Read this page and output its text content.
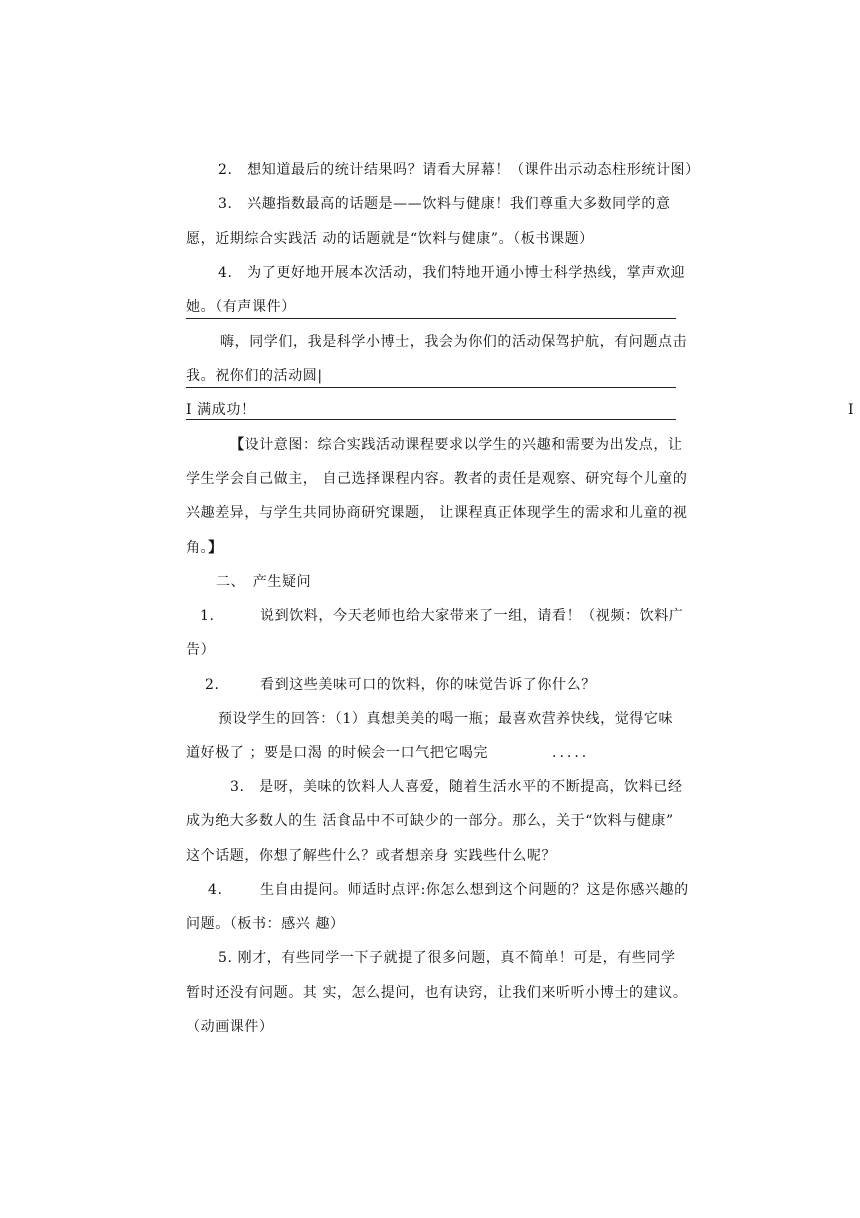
2.　想知道最后的统计结果吗？请看大屏幕！（课件出示动态柱形统计图）
3.　兴趣指数最高的话题是——饮料与健康！我们尊重大多数同学的意
愿，近期综合实践活 动的话题就是“饮料与健康”。（板书课题）
4.　为了更好地开展本次活动，我们特地开通小博士科学热线，掌声欢迎
她。（有声课件）
嗨，同学们，我是科学小博士，我会为你们的活动保驾护航，有问题点击
我。祝你们的活动圆|
I 满成功！	I
【设计意图：综合实践活动课程要求以学生的兴趣和需要为出发点，让
学生学会自己做主， 自己选择课程内容。教者的责任是观察、研究每个儿童的
兴趣差异，与学生共同协商研究课题， 让课程真正体现学生的需求和儿童的视
角。】
二、　产生疑问
1.	说到饮料，今天老师也给大家带来了一组，请看！（视频：饮料广
告）
2.	看到这些美味可口的饮料，你的味觉告诉了你什么？
预设学生的回答：（1）真想美美的喝一瓶；最喜欢营养快线，觉得它味
道好极了 ；要是口渴 的时候会一口气把它喝完	.....
3.　是呀，美味的饮料人人喜爱，随着生活水平的不断提高，饮料已经
成为绝大多数人的生 活食品中不可缺少的一部分。那么，关于“饮料与健康”
这个话题，你想了解些什么？或者想亲身 实践些什么呢？
4.	生自由提问。师适时点评:你怎么想到这个问题的？这是你感兴趣的
问题。（板书：感兴 趣）
5. 刚才，有些同学一下子就提了很多问题，真不简单！可是，有些同学
暂时还没有问题。其 实，怎么提问，也有诀窍，让我们来听听小博士的建议。
（动画课件）
